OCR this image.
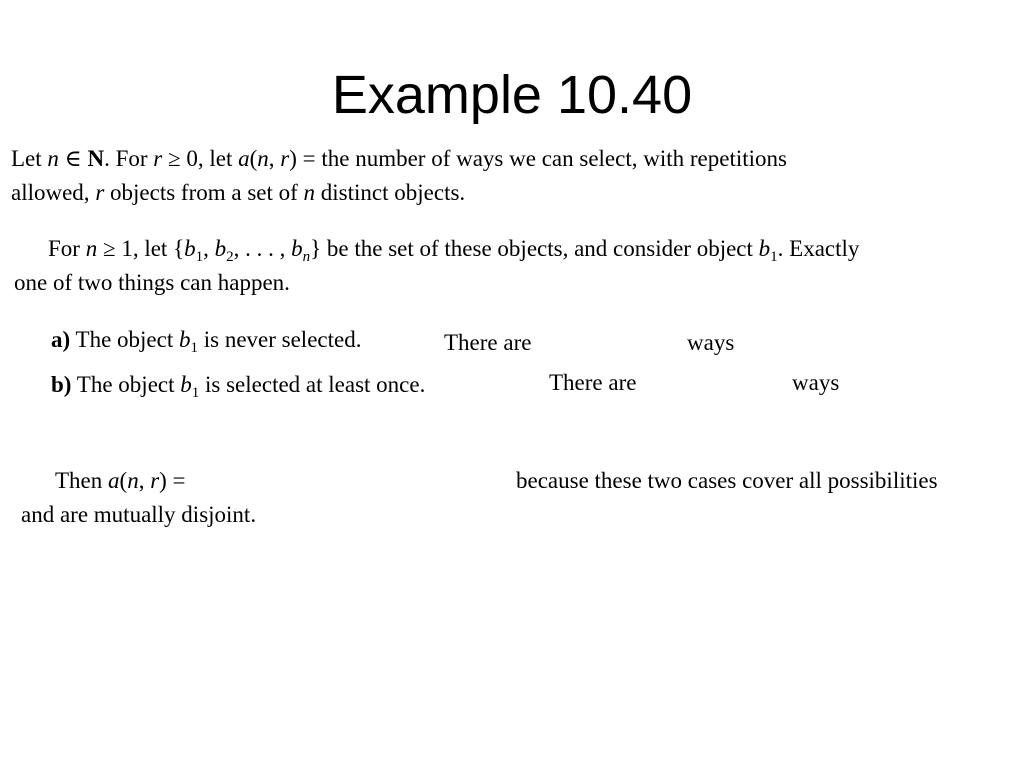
Example 10.40
Let n ∈ N. For r ≥ 0, let a(n, r) = the number of ways we can select, with repetitions
allowed, r objects from a set of n distinct objects.
For n ≥ 1, let {$b_1$, $b_2$, . . . , $b_n$} be the set of these objects, and consider object $b_1$. Exactly
one of two things can happen.
a) The object $b_1$ is never selected.	There are	ways
b) The object $b_1$ is selected at least once.	There are	ways
Then a(n, r) =	because these two cases cover all possibilities
and are mutually disjoint.
